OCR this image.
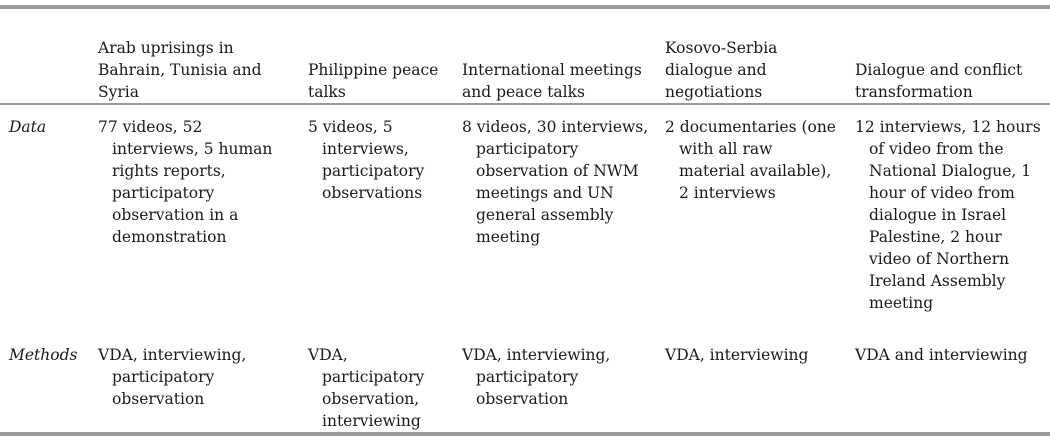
	Arab uprisings in Bahrain, Tunisia and Syria	Philippine peace talks	International meetings and peace talks	Kosovo-Serbia dialogue and negotiations	Dialogue and conflict transformation
Data	77 videos, 52 interviews, 5 human rights reports, participatory observation in a demonstration	5 videos, 5 interviews, participatory observations	8 videos, 30 interviews, participatory observation of NWM meetings and UN general assembly meeting	2 documentaries (one with all raw material available), 2 interviews	12 interviews, 12 hours of video from the National Dialogue, 1 hour of video from dialogue in Israel Palestine, 2 hour video of Northern Ireland Assembly meeting

Methods	VDA, interviewing, participatory observation	VDA, participatory observation, interviewing	VDA, interviewing, participatory observation	VDA, interviewing	VDA and interviewing
